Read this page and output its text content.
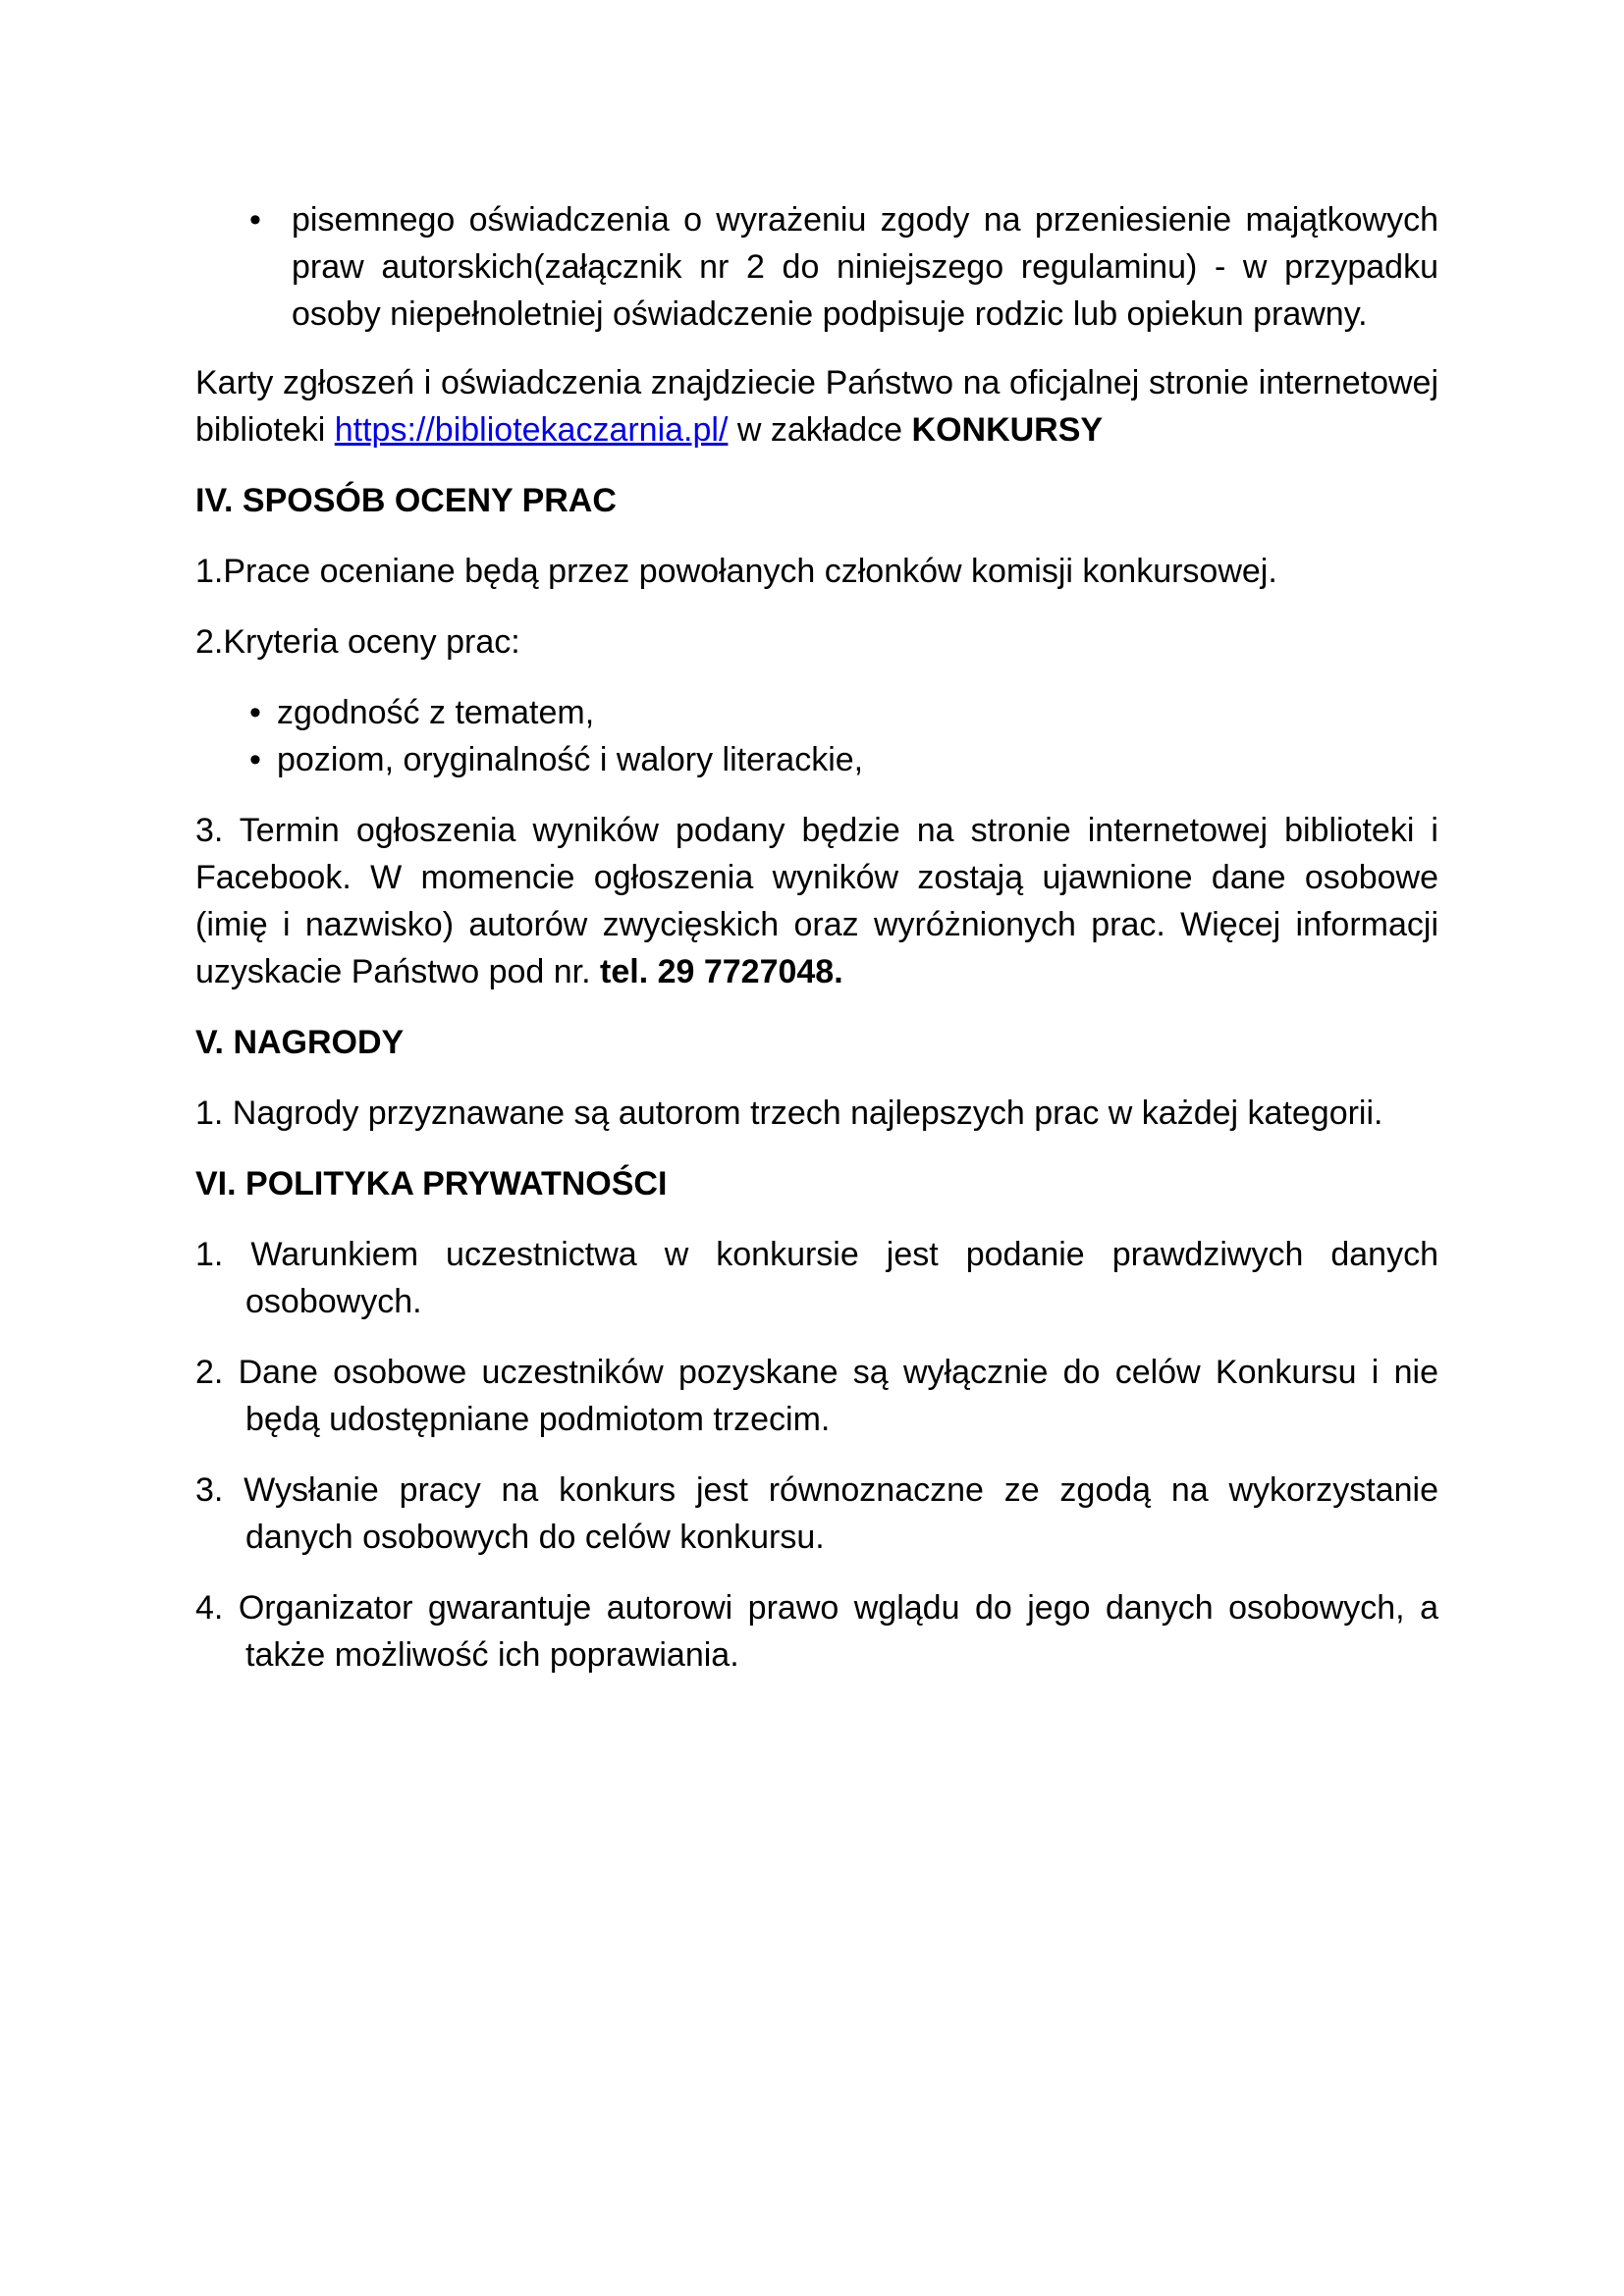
• pisemnego oświadczenia o wyrażeniu zgody na przeniesienie majątkowych praw autorskich(załącznik nr 2 do niniejszego regulaminu) - w przypadku osoby niepełnoletniej oświadczenie podpisuje rodzic lub opiekun prawny.

Karty zgłoszeń i oświadczenia znajdziecie Państwo na oficjalnej stronie internetowej biblioteki https://bibliotekaczarnia.pl/ w zakładce KONKURSY

IV. SPOSÓB OCENY PRAC

1.Prace oceniane będą przez powołanych członków komisji konkursowej.

2.Kryteria oceny prac:

• zgodność z tematem,

• poziom, oryginalność i walory literackie,

3. Termin ogłoszenia wyników podany będzie na stronie internetowej biblioteki i Facebook. W momencie ogłoszenia wyników zostają ujawnione dane osobowe (imię i nazwisko) autorów zwycięskich oraz wyróżnionych prac. Więcej informacji uzyskacie Państwo pod nr. tel. 29 7727048.

V. NAGRODY

1. Nagrody przyznawane są autorom trzech najlepszych prac w każdej kategorii.

VI. POLITYKA PRYWATNOŚCI

1. Warunkiem uczestnictwa w konkursie jest podanie prawdziwych danych osobowych.

2. Dane osobowe uczestników pozyskane są wyłącznie do celów Konkursu i nie będą udostępniane podmiotom trzecim.

3. Wysłanie pracy na konkurs jest równoznaczne ze zgodą na wykorzystanie danych osobowych do celów konkursu.

4. Organizator gwarantuje autorowi prawo wglądu do jego danych osobowych, a także możliwość ich poprawiania.
